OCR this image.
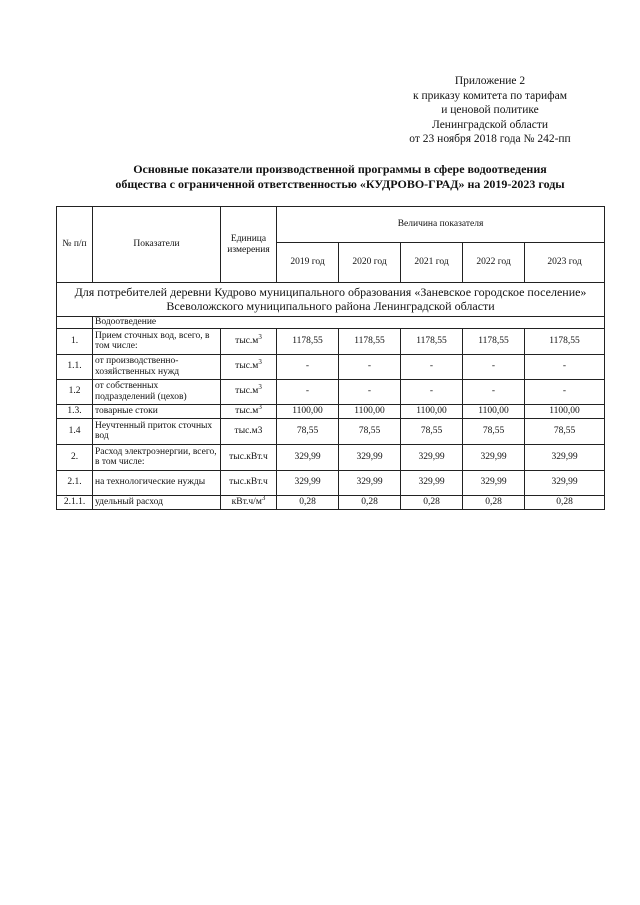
Приложение 2
к приказу комитета по тарифам
и ценовой политике
Ленинградской области
от 23 ноября 2018 года № 242-пп
Основные показатели производственной программы в сфере водоотведения
общества с ограниченной ответственностью «КУДРОВО-ГРАД» на 2019-2023 годы
№ п/п	Показатели	Единица измерения	Величина показателя				
			2019 год	2020 год	2021 год	2022 год	2023 год
Для потребителей деревни Кудрово муниципального образования «Заневское городское поселение» Всеволожского муниципального района Ленинградской области							
	Водоотведение						
1.	Прием сточных вод, всего, в том числе:	$тыс.м^3$	1178,55	1178,55	1178,55	1178,55	1178,55
1.1.	от производственно-хозяйственных нужд	$тыс.м^3$	-	-	-	-	-
1.2	от собственных подразделений (цехов)	$тыс.м^3$	-	-	-	-	-
1.3.	товарные стоки	$тыс.м^3$	1100,00	1100,00	1100,00	1100,00	1100,00
1.4	Неучтенный приток сточных вод	тыс.м3	78,55	78,55	78,55	78,55	78,55
2.	Расход электроэнергии, всего, в том числе:	тыс.кВт.ч	329,99	329,99	329,99	329,99	329,99
2.1.	на технологические нужды	тыс.кВт.ч	329,99	329,99	329,99	329,99	329,99
2.1.1.	удельный расход	$кВт.ч/м^3$	0,28	0,28	0,28	0,28	0,28
